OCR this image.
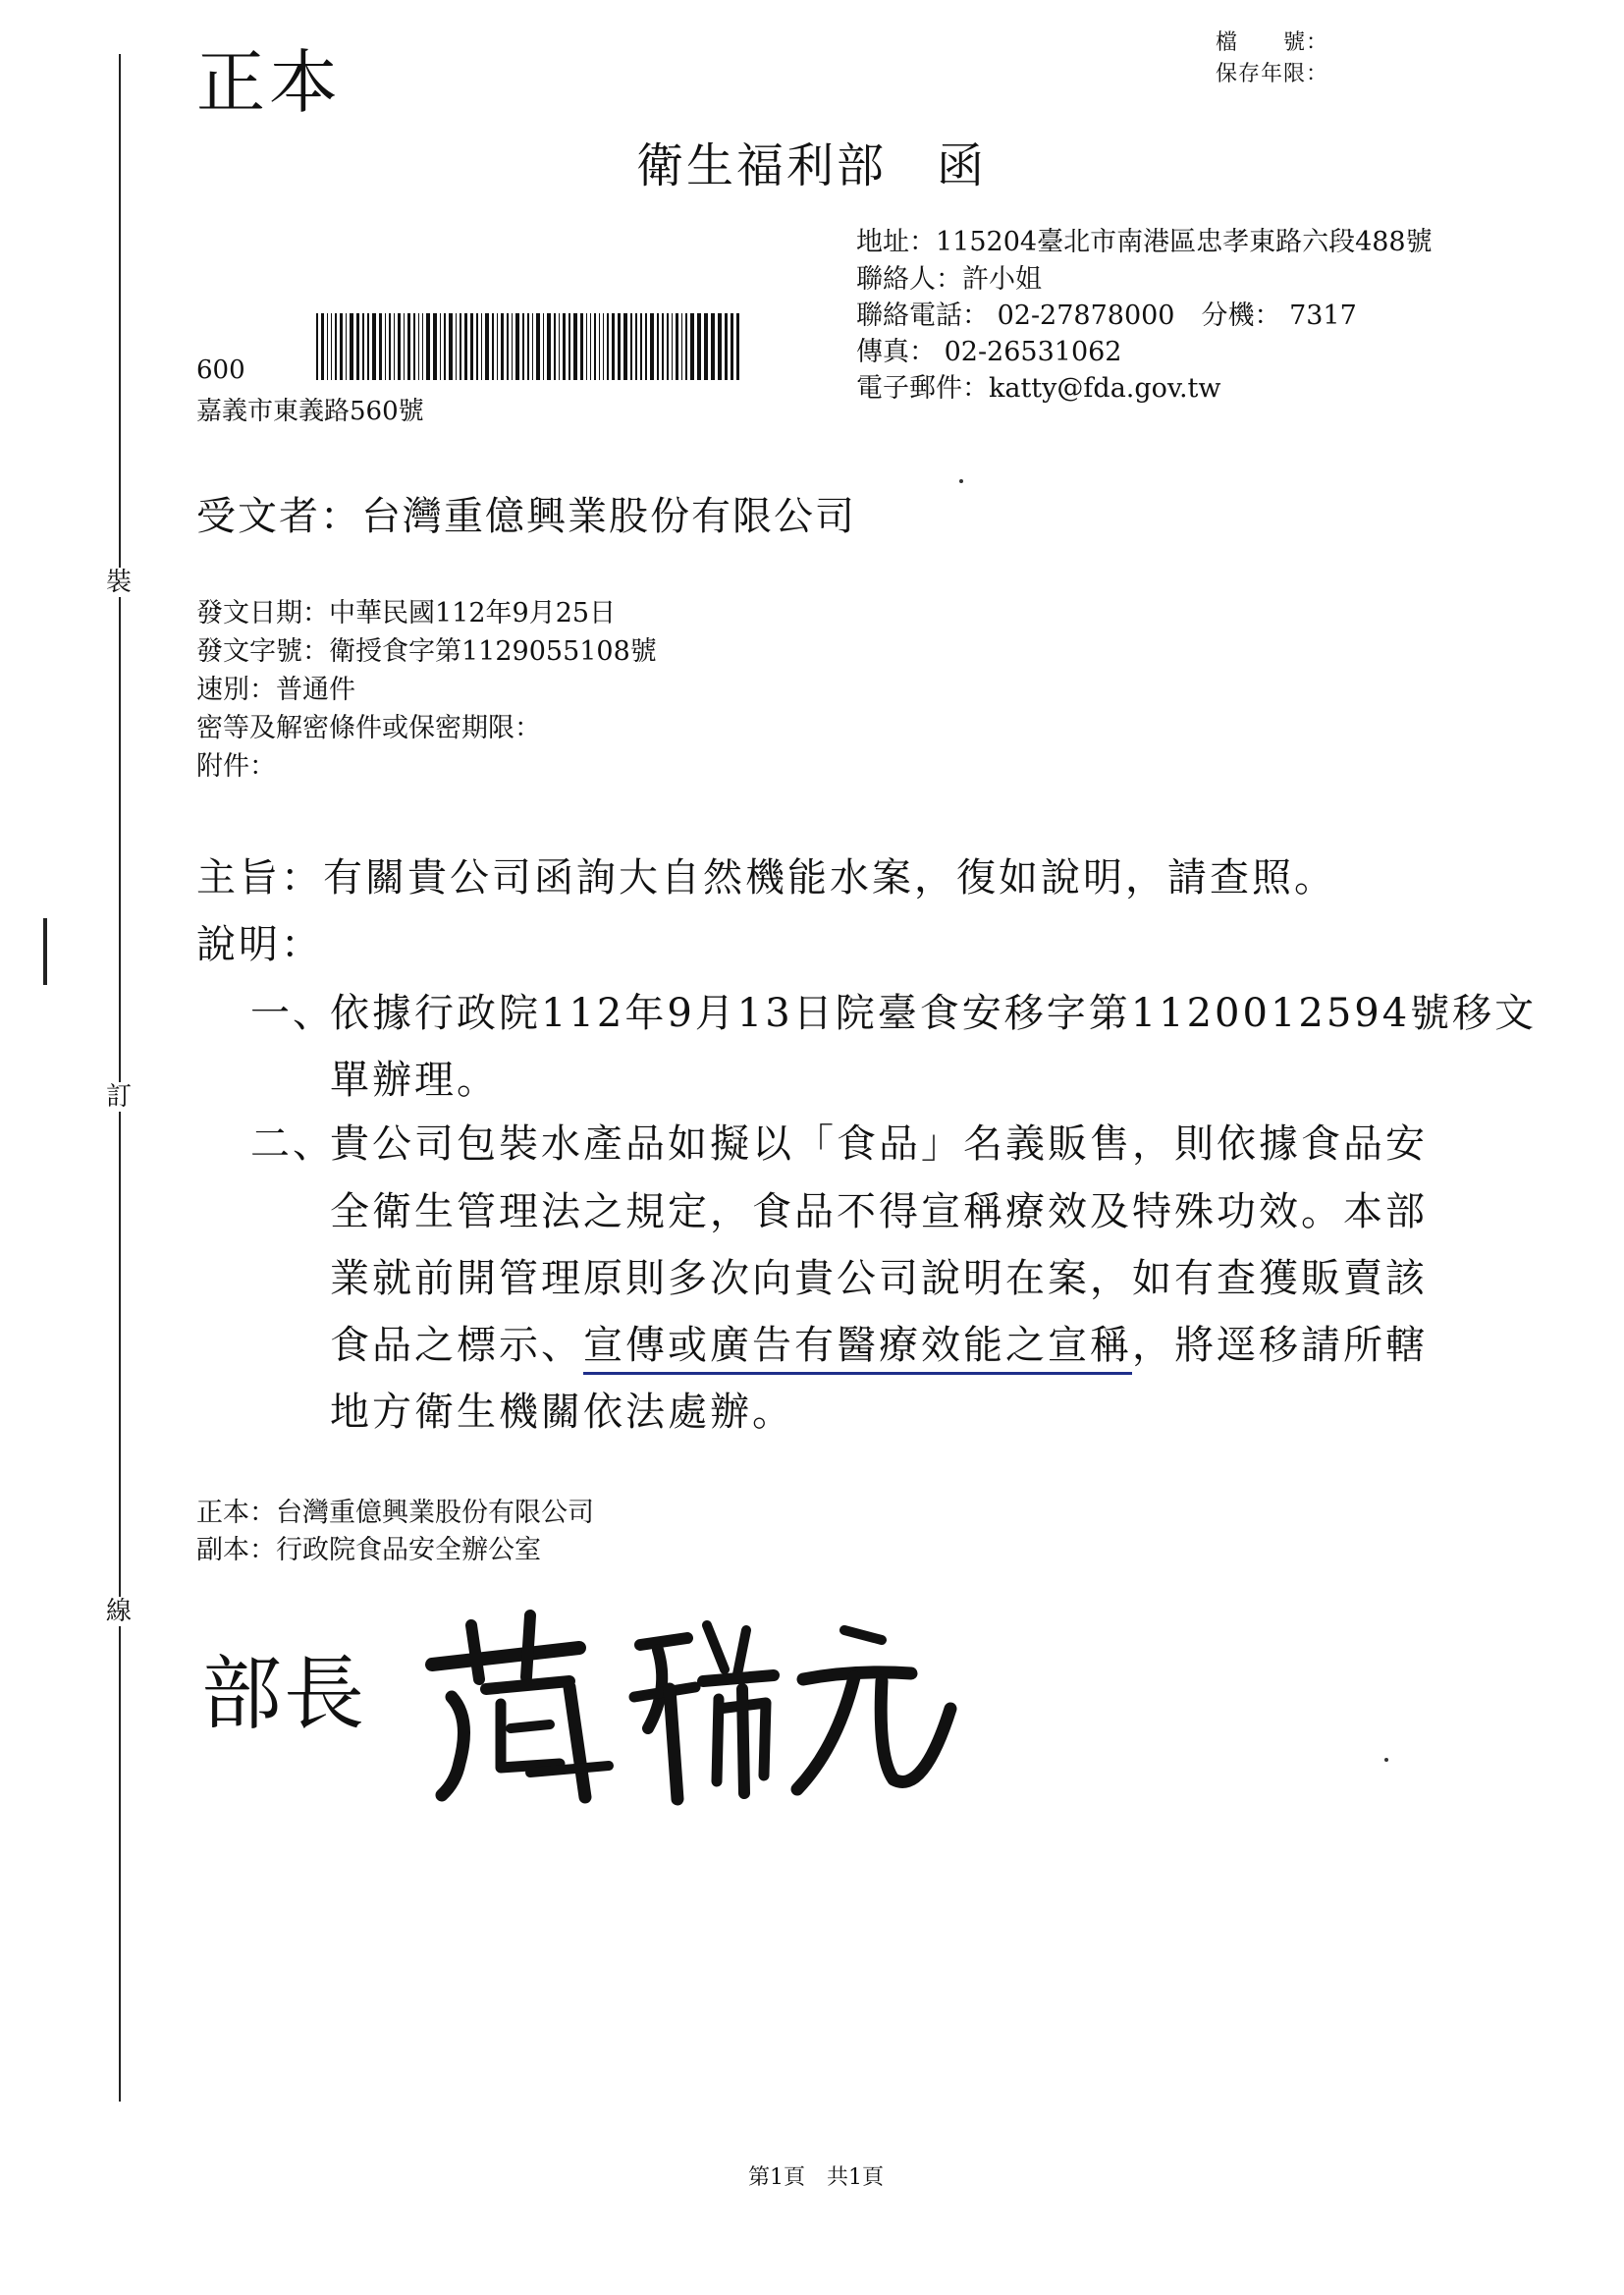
裝
訂
線
正本	檔　　號：
保存年限：
衛生福利部　函
地址：115204臺北市南港區忠孝東路六段488號
聯絡人：許小姐
聯絡電話： 02-27878000　分機： 7317
傳真： 02-26531062
電子郵件：katty@fda.gov.tw
600
嘉義市東義路560號
受文者：台灣重億興業股份有限公司
發文日期：中華民國112年9月25日
發文字號：衛授食字第1129055108號
速別：普通件
密等及解密條件或保密期限：
附件：
主旨：有關貴公司函詢大自然機能水案，復如說明，請查照。
說明：
一、
依據行政院112年9月13日院臺食安移字第1120012594號移文
單辦理。
二、
貴公司包裝水產品如擬以「食品」名義販售，則依據食品安
全衛生管理法之規定，食品不得宣稱療效及特殊功效。本部
業就前開管理原則多次向貴公司說明在案，如有查獲販賣該
食品之標示、宣傳或廣告有醫療效能之宣稱，將逕移請所轄
地方衛生機關依法處辦。
正本：台灣重億興業股份有限公司
副本：行政院食品安全辦公室
部長
第1頁　共1頁
